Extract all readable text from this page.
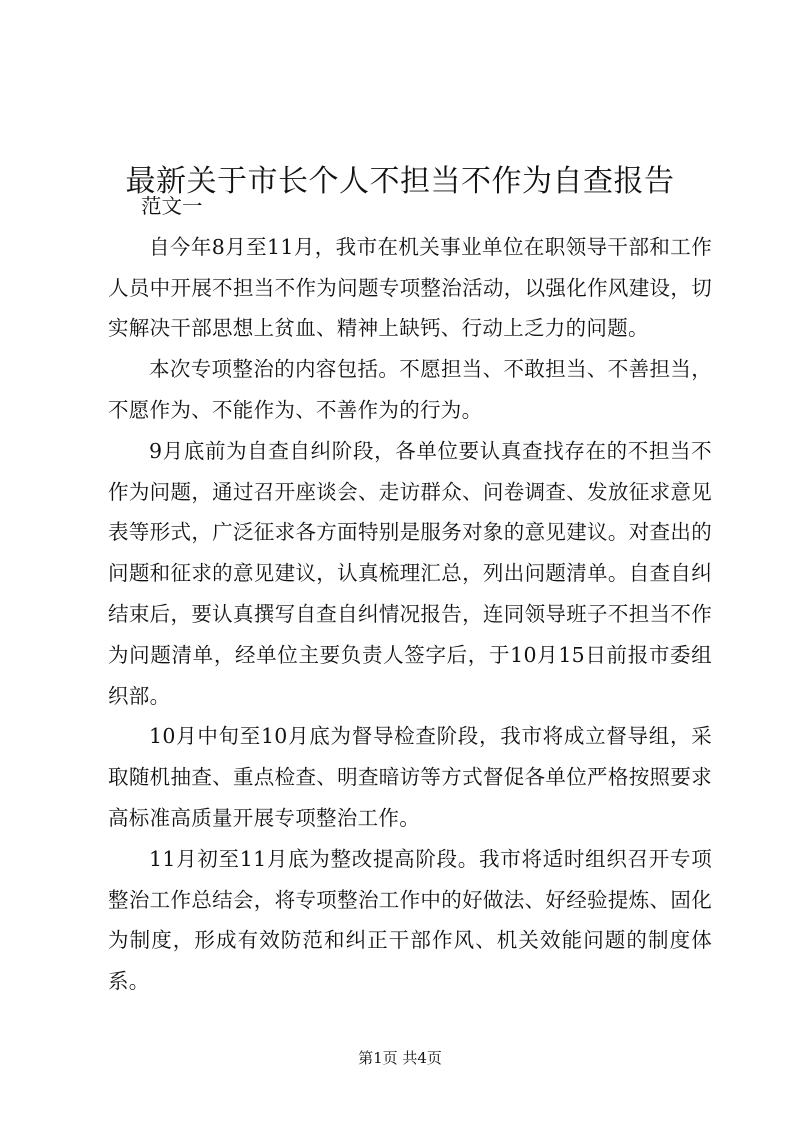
最新关于市长个人不担当不作为自查报告

范文一

自今年8月至11月，我市在机关事业单位在职领导干部和工作人员中开展不担当不作为问题专项整治活动，以强化作风建设，切实解决干部思想上贫血、精神上缺钙、行动上乏力的问题。

本次专项整治的内容包括。不愿担当、不敢担当、不善担当，不愿作为、不能作为、不善作为的行为。

9月底前为自查自纠阶段，各单位要认真查找存在的不担当不作为问题，通过召开座谈会、走访群众、问卷调查、发放征求意见表等形式，广泛征求各方面特别是服务对象的意见建议。对查出的问题和征求的意见建议，认真梳理汇总，列出问题清单。自查自纠结束后，要认真撰写自查自纠情况报告，连同领导班子不担当不作为问题清单，经单位主要负责人签字后，于10月15日前报市委组织部。

10月中旬至10月底为督导检查阶段，我市将成立督导组，采取随机抽查、重点检查、明查暗访等方式督促各单位严格按照要求高标准高质量开展专项整治工作。

11月初至11月底为整改提高阶段。我市将适时组织召开专项整治工作总结会，将专项整治工作中的好做法、好经验提炼、固化为制度，形成有效防范和纠正干部作风、机关效能问题的制度体系。

第1页 共4页
